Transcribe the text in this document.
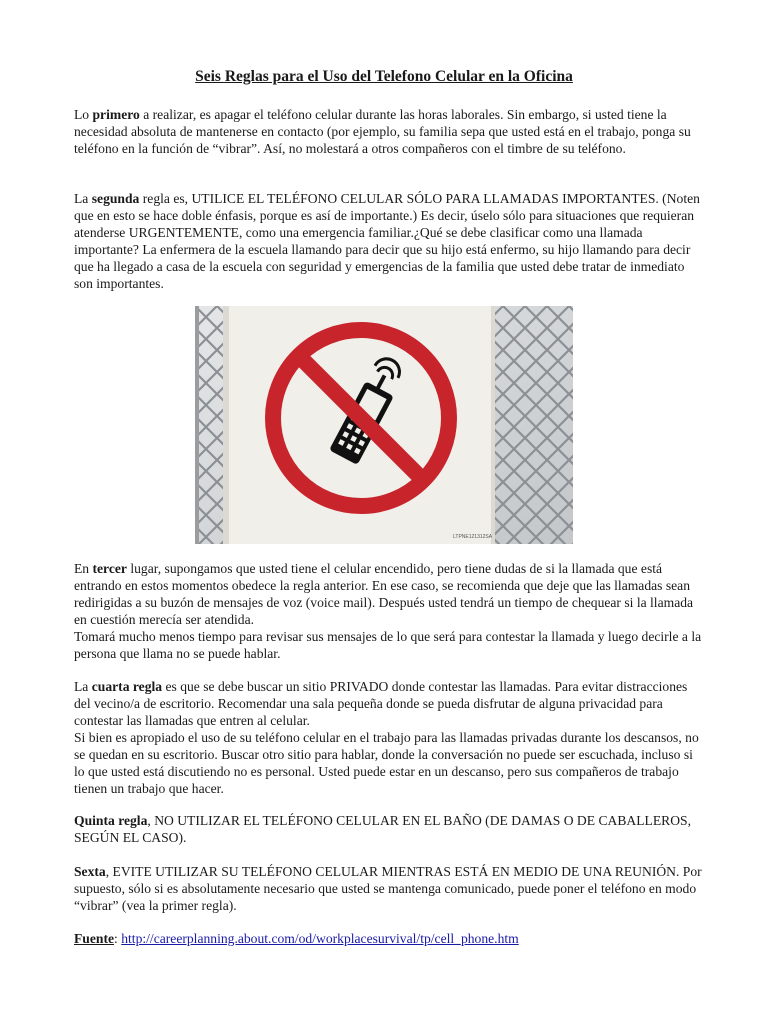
Seis Reglas para el Uso del Telefono Celular en la Oficina

Lo primero a realizar, es apagar el teléfono celular durante las horas laborales. Sin embargo, si usted tiene la necesidad absoluta de mantenerse en contacto (por ejemplo, su familia sepa que usted está en el trabajo, ponga su teléfono en la función de “vibrar”. Así, no molestará a otros compañeros con el timbre de su teléfono.

La segunda regla es, UTILICE EL TELÉFONO CELULAR SÓLO PARA LLAMADAS IMPORTANTES. (Noten que en esto se hace doble énfasis, porque es así de importante.) Es decir, úselo sólo para situaciones que requieran atenderse URGENTEMENTE, como una emergencia familiar.¿Qué se debe clasificar como una llamada importante? La enfermera de la escuela llamando para decir que su hijo está enfermo, su hijo llamando para decir que ha llegado a casa de la escuela con seguridad y emergencias de la familia que usted debe tratar de inmediato son importantes.

LTPNE121312SA

En tercer lugar, supongamos que usted tiene el celular encendido, pero tiene dudas de si la llamada que está entrando en estos momentos obedece la regla anterior. En ese caso, se recomienda que deje que las llamadas sean redirigidas a su buzón de mensajes de voz (voice mail). Después usted tendrá un tiempo de chequear si la llamada en cuestión merecía ser atendida.
Tomará mucho menos tiempo para revisar sus mensajes de lo que será para contestar la llamada y luego decirle a la persona que llama no se puede hablar.

La cuarta regla es que se debe buscar un sitio PRIVADO donde contestar las llamadas. Para evitar distracciones del vecino/a de escritorio. Recomendar una sala pequeña donde se pueda disfrutar de alguna privacidad para contestar las llamadas que entren al celular.
Si bien es apropiado el uso de su teléfono celular en el trabajo para las llamadas privadas durante los descansos, no se quedan en su escritorio. Buscar otro sitio para hablar, donde la conversación no puede ser escuchada, incluso si lo que usted está discutiendo no es personal. Usted puede estar en un descanso, pero sus compañeros de trabajo tienen un trabajo que hacer.

Quinta regla, NO UTILIZAR EL TELÉFONO CELULAR EN EL BAÑO (DE DAMAS O DE CABALLEROS, SEGÚN EL CASO).

Sexta, EVITE UTILIZAR SU TELÉFONO CELULAR MIENTRAS ESTÁ EN MEDIO DE UNA REUNIÓN. Por supuesto, sólo si es absolutamente necesario que usted se mantenga comunicado, puede poner el teléfono en modo “vibrar” (vea la primer regla).

Fuente: http://careerplanning.about.com/od/workplacesurvival/tp/cell_phone.htm
